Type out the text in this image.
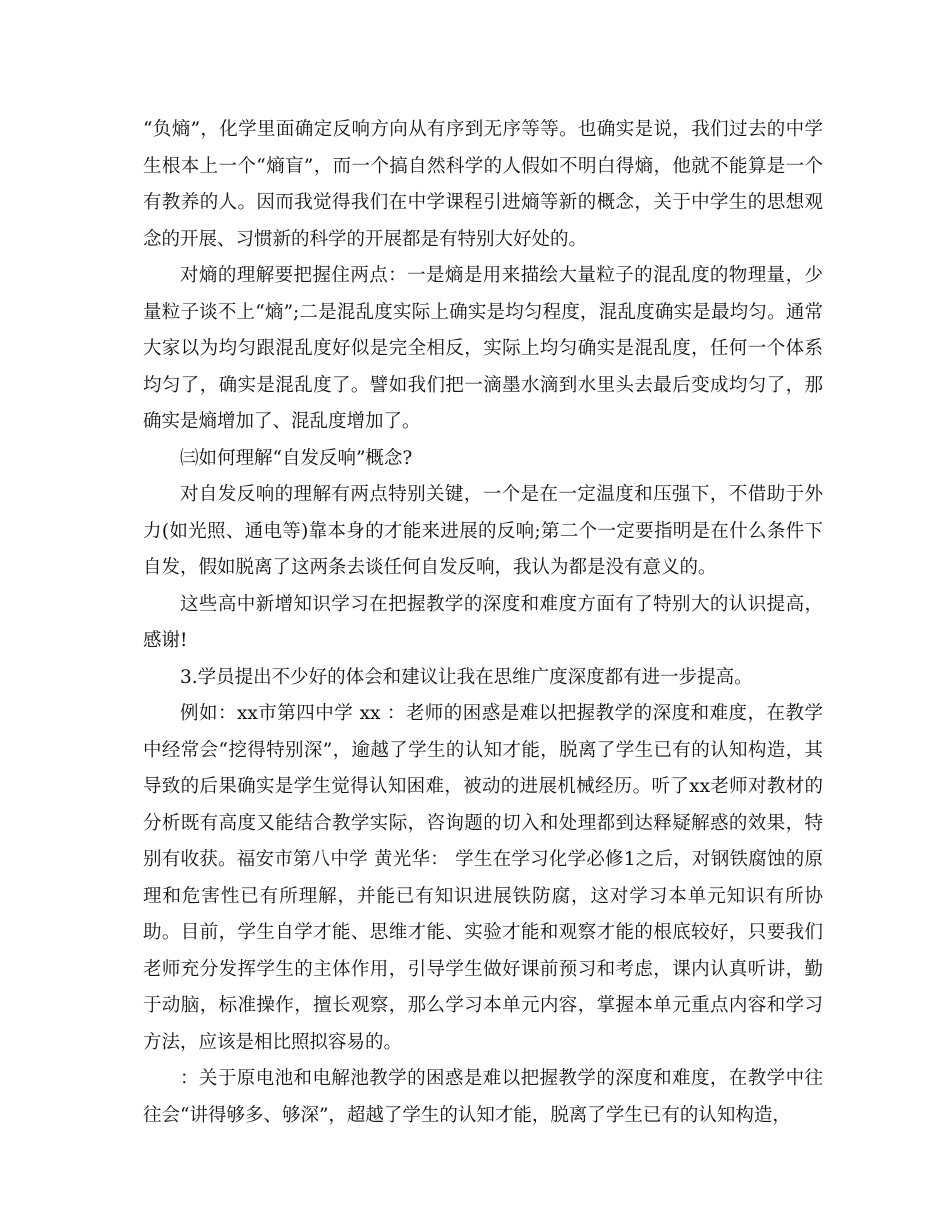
“负熵”，化学里面确定反响方向从有序到无序等等。也确实是说，我们过去的中学生根本上一个“熵盲”，而一个搞自然科学的人假如不明白得熵，他就不能算是一个有教养的人。因而我觉得我们在中学课程引进熵等新的概念，关于中学生的思想观念的开展、习惯新的科学的开展都是有特别大好处的。

对熵的理解要把握住两点：一是熵是用来描绘大量粒子的混乱度的物理量，少量粒子谈不上“熵”;二是混乱度实际上确实是均匀程度，混乱度确实是最均匀。通常大家以为均匀跟混乱度好似是完全相反，实际上均匀确实是混乱度，任何一个体系均匀了，确实是混乱度了。譬如我们把一滴墨水滴到水里头去最后变成均匀了，那确实是熵增加了、混乱度增加了。

㈢如何理解“自发反响”概念?

对自发反响的理解有两点特别关键，一个是在一定温度和压强下，不借助于外力(如光照、通电等)靠本身的才能来进展的反响;第二个一定要指明是在什么条件下自发，假如脱离了这两条去谈任何自发反响，我认为都是没有意义的。

这些高中新增知识学习在把握教学的深度和难度方面有了特别大的认识提高，感谢!

3.学员提出不少好的体会和建议让我在思维广度深度都有进一步提高。

例如：xx市第四中学 xx ：老师的困惑是难以把握教学的深度和难度，在教学中经常会“挖得特别深”，逾越了学生的认知才能，脱离了学生已有的认知构造，其导致的后果确实是学生觉得认知困难，被动的进展机械经历。听了xx老师对教材的分析既有高度又能结合教学实际，咨询题的切入和处理都到达释疑解惑的效果，特别有收获。福安市第八中学 黄光华： 学生在学习化学必修1之后，对钢铁腐蚀的原理和危害性已有所理解，并能已有知识进展铁防腐，这对学习本单元知识有所协助。目前，学生自学才能、思维才能、实验才能和观察才能的根底较好，只要我们老师充分发挥学生的主体作用，引导学生做好课前预习和考虑，课内认真听讲，勤于动脑，标准操作，擅长观察，那么学习本单元内容，掌握本单元重点内容和学习方法，应该是相比照拟容易的。

：关于原电池和电解池教学的困惑是难以把握教学的深度和难度，在教学中往往会“讲得够多、够深”，超越了学生的认知才能，脱离了学生已有的认知构造，
